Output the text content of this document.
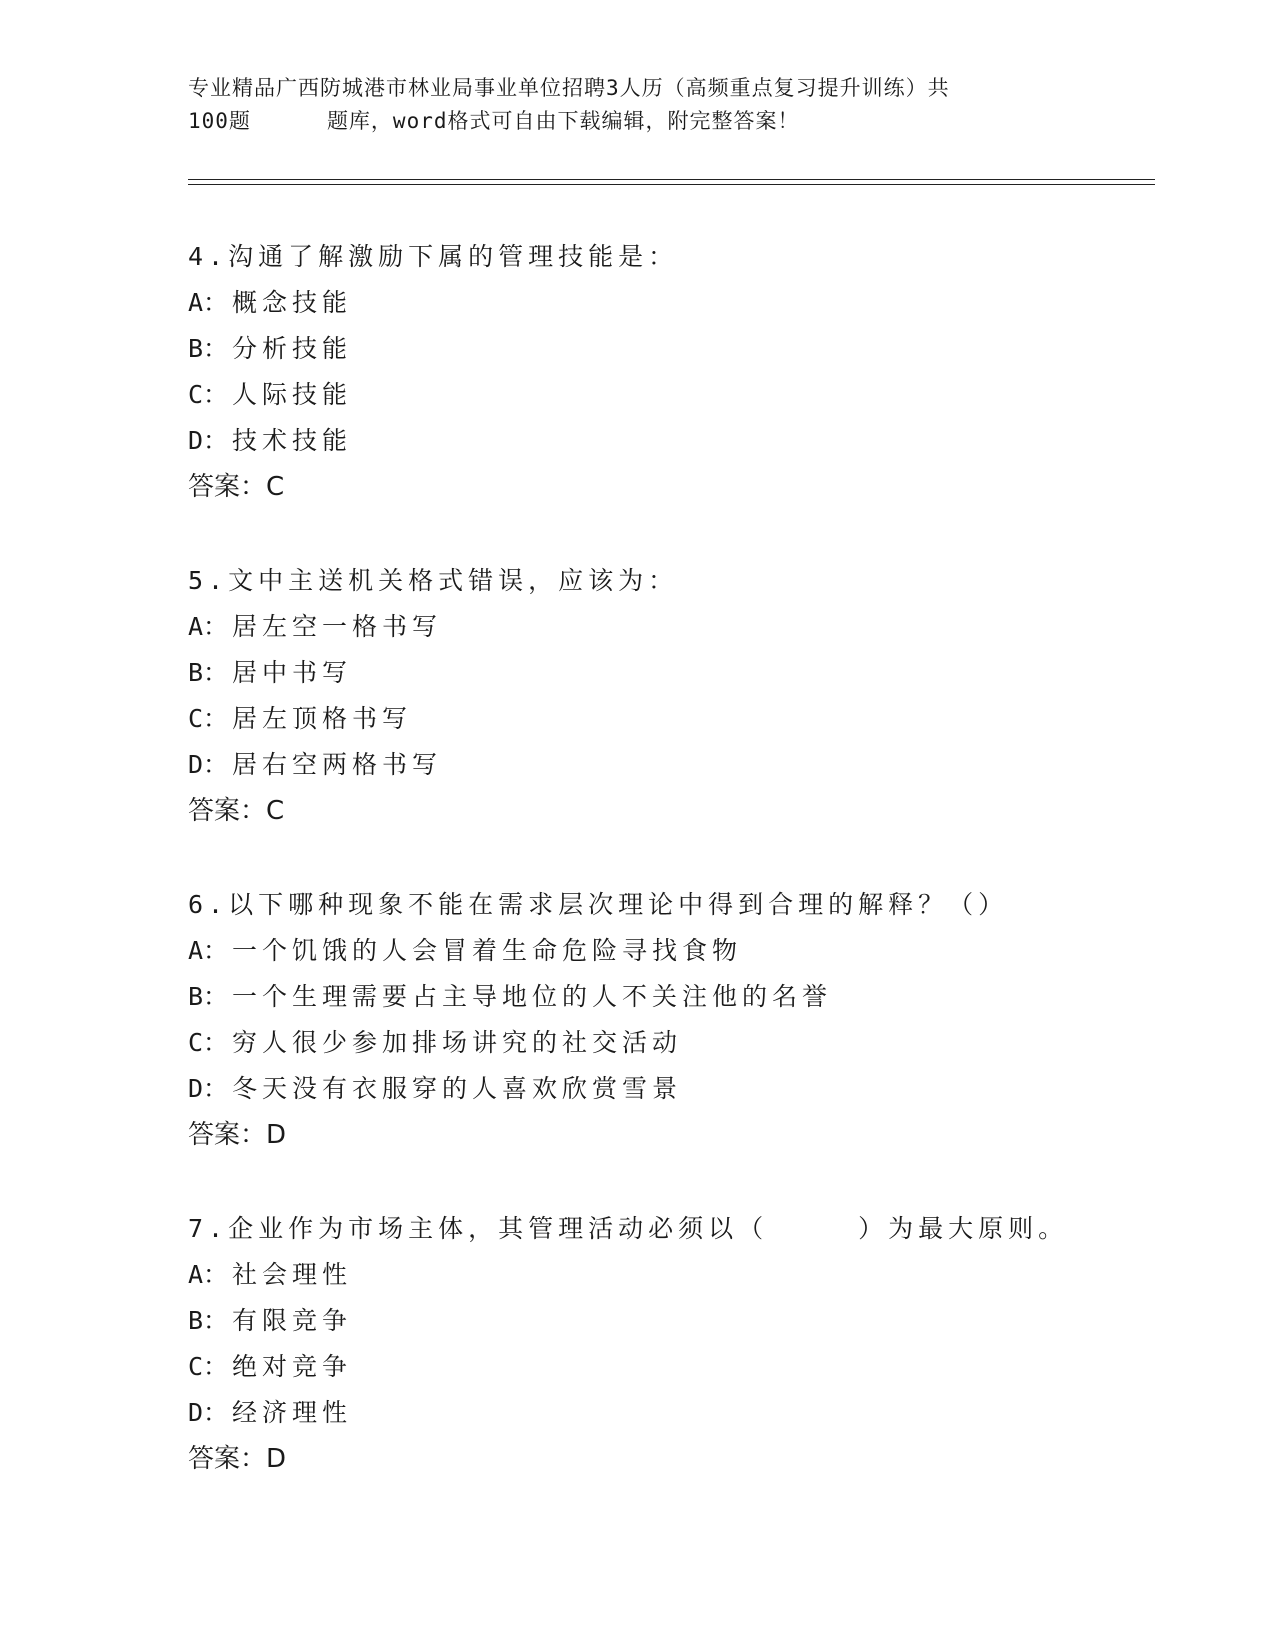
专业精品广西防城港市林业局事业单位招聘3人历（高频重点复习提升训练）共
100题	题库，word格式可自由下载编辑，附完整答案！
4.沟通了解激励下属的管理技能是：
A： 概念技能
B： 分析技能
C： 人际技能
D： 技术技能
答案：C
5.文中主送机关格式错误，应该为：
A： 居左空一格书写
B： 居中书写
C： 居左顶格书写
D： 居右空两格书写
答案：C
6.以下哪种现象不能在需求层次理论中得到合理的解释？（）
A： 一个饥饿的人会冒着生命危险寻找食物
B： 一个生理需要占主导地位的人不关注他的名誉
C： 穷人很少参加排场讲究的社交活动
D： 冬天没有衣服穿的人喜欢欣赏雪景
答案：D
7.企业作为市场主体，其管理活动必须以（　　　）为最大原则。
A： 社会理性
B： 有限竞争
C： 绝对竞争
D： 经济理性
答案：D
